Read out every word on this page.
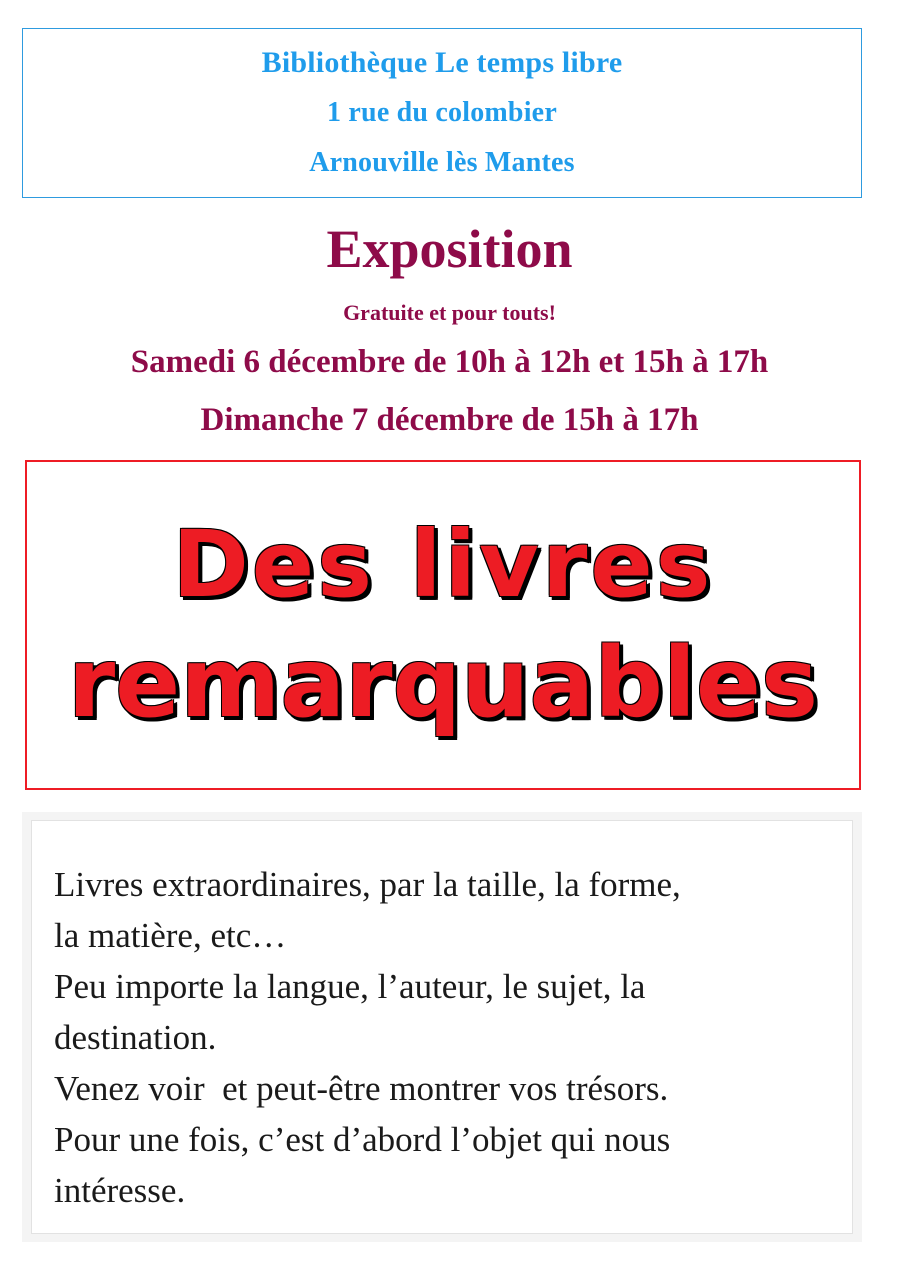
Bibliothèque Le temps libre
1 rue du colombier
Arnouville lès Mantes
Exposition
Gratuite et pour touts!
Samedi 6 décembre de 10h à 12h et 15h à 17h
Dimanche 7 décembre de 15h à 17h
Des livres
remarquables
Livres extraordinaires, par la taille, la forme,
la matière, etc…
Peu importe la langue, l’auteur, le sujet, la
destination.
Venez voir  et peut-être montrer vos trésors.
Pour une fois, c’est d’abord l’objet qui nous
intéresse.
